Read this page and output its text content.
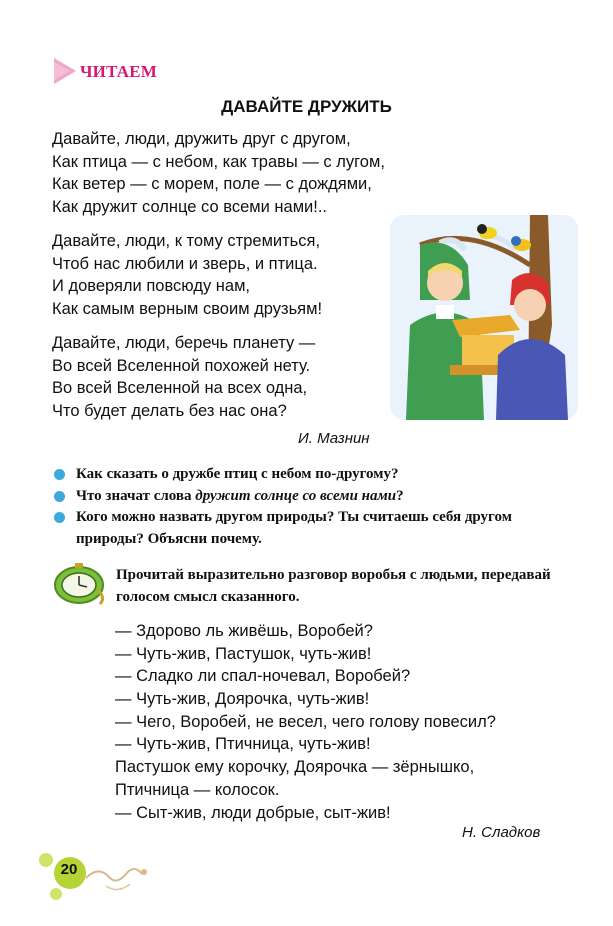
ЧИТАЕМ
ДАВАЙТЕ ДРУЖИТЬ
Давайте, люди, дружить друг с другом,
Как птица — с небом, как травы — с лугом,
Как ветер — с морем, поле — с дождями,
Как дружит солнце со всеми нами!..
Давайте, люди, к тому стремиться,
Чтоб нас любили и зверь, и птица.
И доверяли повсюду нам,
Как самым верным своим друзьям!
Давайте, люди, беречь планету —
Во всей Вселенной похожей нету.
Во всей Вселенной на всех одна,
Что будет делать без нас она?
И. Мазнин
Как сказать о дружбе птиц с небом по-другому?
Что значат слова дружит солнце со всеми нами?
Кого можно назвать другом природы? Ты считаешь себя другом природы? Объясни почему.
Прочитай выразительно разговор воробья с людьми, передавай голосом смысл сказанного.
— Здорово ль живёшь, Воробей?
— Чуть-жив, Пастушок, чуть-жив!
— Сладко ли спал-ночевал, Воробей?
— Чуть-жив, Доярочка, чуть-жив!
— Чего, Воробей, не весел, чего голову повесил?
— Чуть-жив, Птичница, чуть-жив!
Пастушок ему корочку, Доярочка — зёрнышко,
Птичница — колосок.
— Сыт-жив, люди добрые, сыт-жив!
Н. Сладков
20
